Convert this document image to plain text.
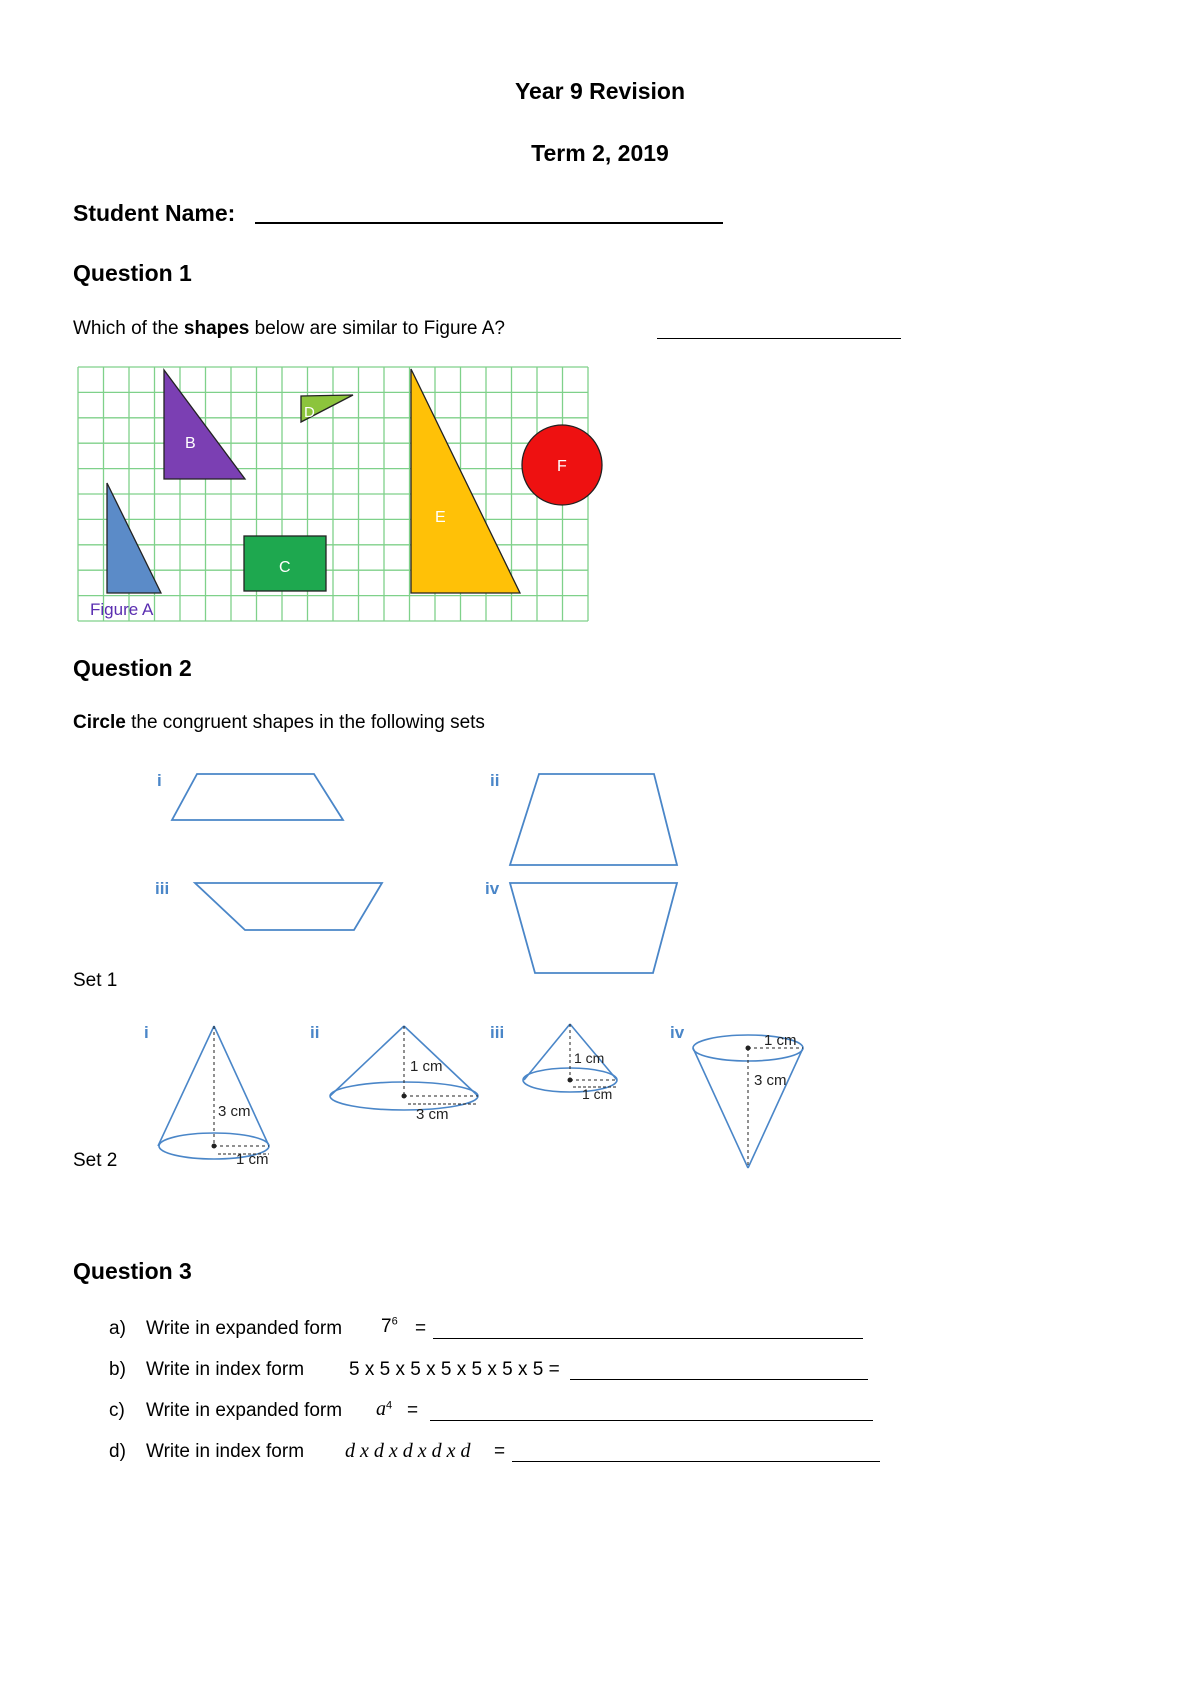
Year 9 Revision
Term 2, 2019
Student Name:
Question 1
Which of the shapes below are similar to Figure A?
B
C
D
E
F
Figure A
Question 2
Circle the congruent shapes in the following sets
i	ii
iii	iv
Set 1
i	ii	iii	iv
3 cm
1 cm
1 cm
3 cm
1 cm
1 cm
1 cm
3 cm
Set 2
Question 3
a) Write in expanded form $7^6$ =
b) Write in index form 5 x 5 x 5 x 5 x 5 x 5 x 5 =
c) Write in expanded form $a^4$ =
d) Write in index form d x d x d x d x d =
